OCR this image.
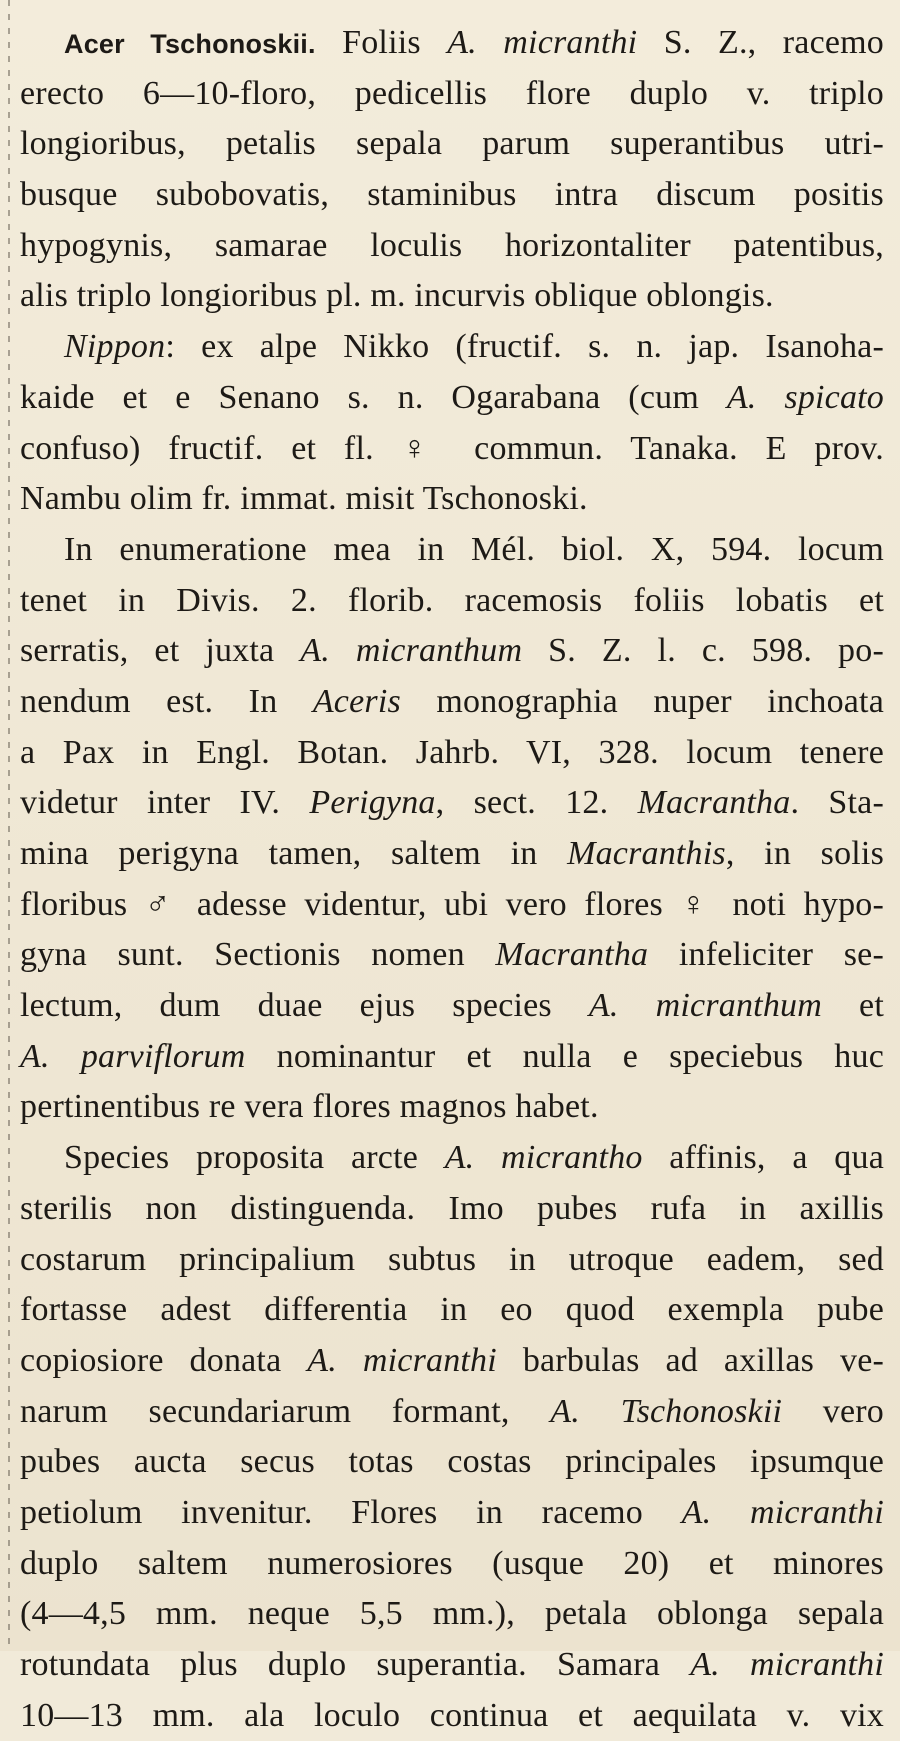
Acer Tschonoskii. Foliis A. micranthi S. Z., racemo
erecto 6—10-floro, pedicellis flore duplo v. triplo
longioribus, petalis sepala parum superantibus utri-
busque subobovatis, staminibus intra discum positis
hypogynis, samarae loculis horizontaliter patentibus,
alis triplo longioribus pl. m. incurvis oblique oblongis.
Nippon: ex alpe Nikko (fructif. s. n. jap. Isanoha-
kaide et e Senano s. n. Ogarabana (cum A. spicato
confuso) fructif. et fl. ♀ commun. Tanaka. E prov.
Nambu olim fr. immat. misit Tschonoski.
In enumeratione mea in Mél. biol. X, 594. locum
tenet in Divis. 2. florib. racemosis foliis lobatis et
serratis, et juxta A. micranthum S. Z. l. c. 598. po-
nendum est. In Aceris monographia nuper inchoata
a Pax in Engl. Botan. Jahrb. VI, 328. locum tenere
videtur inter IV. Perigyna, sect. 12. Macrantha. Sta-
mina perigyna tamen, saltem in Macranthis, in solis
floribus ♂ adesse videntur, ubi vero flores ♀ noti hypo-
gyna sunt. Sectionis nomen Macrantha infeliciter se-
lectum, dum duae ejus species A. micranthum et
A. parviflorum nominantur et nulla e speciebus huc
pertinentibus re vera flores magnos habet.
Species proposita arcte A. micrantho affinis, a qua
sterilis non distinguenda. Imo pubes rufa in axillis
costarum principalium subtus in utroque eadem, sed
fortasse adest differentia in eo quod exempla pube
copiosiore donata A. micranthi barbulas ad axillas ve-
narum secundariarum formant, A. Tschonoskii vero
pubes aucta secus totas costas principales ipsumque
petiolum invenitur. Flores in racemo A. micranthi
duplo saltem numerosiores (usque 20) et minores
(4—4,5 mm. neque 5,5 mm.), petala oblonga sepala
rotundata plus duplo superantia. Samara A. micranthi
10—13 mm. ala loculo continua et aequilata v. vix
